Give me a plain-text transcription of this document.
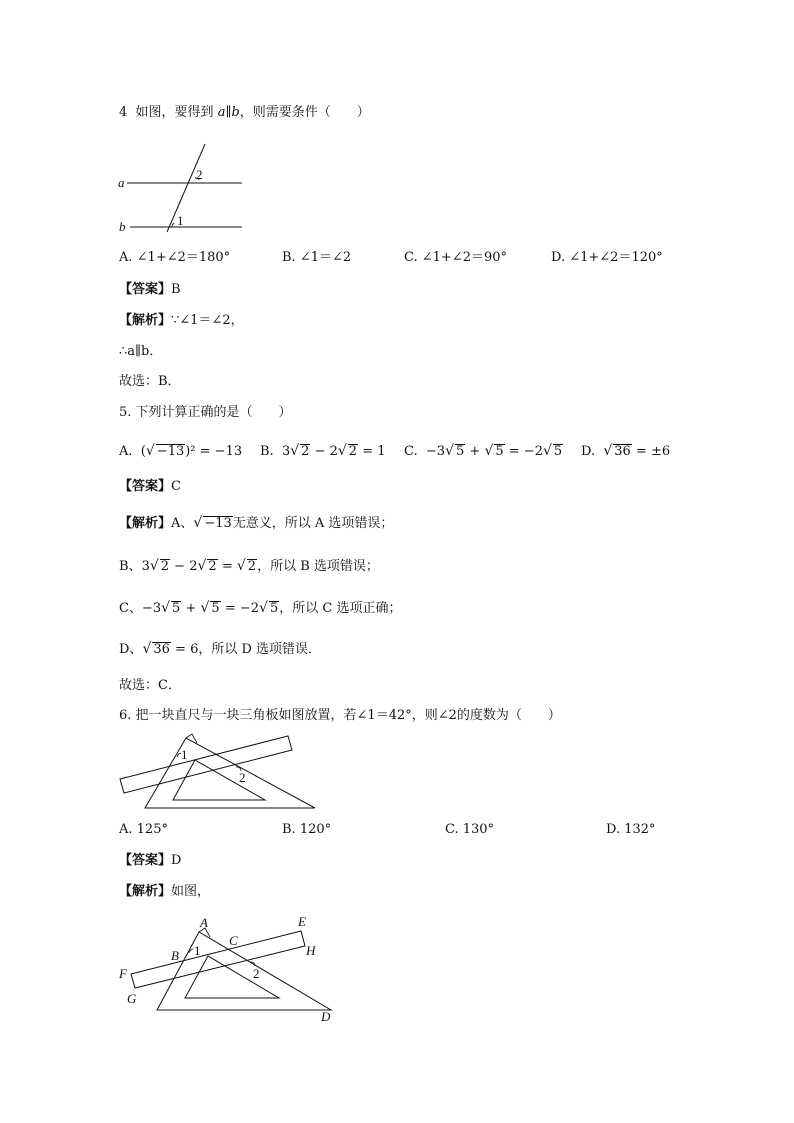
4 如图，要得到 a∥b，则需要条件（　　）
a
b	1
2
A. ∠1+∠2＝180°	B. ∠1＝∠2	C. ∠1+∠2＝90°	D. ∠1+∠2＝120°
【答案】B
【解析】∵∠1＝∠2，
∴a∥b．
故选：B．
5. 下列计算正确的是（　　）
A. (√ −13)² = −13 B. 3√ 2 − 2√ 2 = 1 C. −3√ 5 + √ 5 = −2√ 5 D. √ 36 = ±6
【答案】C
【解析】A、√ −13无意义，所以 A 选项错误；
B、3√ 2 − 2√ 2 = √ 2，所以 B 选项错误；
C、−3√ 5 + √ 5 = −2√ 5，所以 C 选项正确；
D、√ 36 = 6，所以 D 选项错误．
故选：C．
6. 把一块直尺与一块三角板如图放置，若∠1＝42°，则∠2的度数为（　　）
1
2
A. 125°	B. 120°	C. 130°	D. 132°
【答案】D
【解析】如图，
A
B
C
D
E
F
G
H
1
2
